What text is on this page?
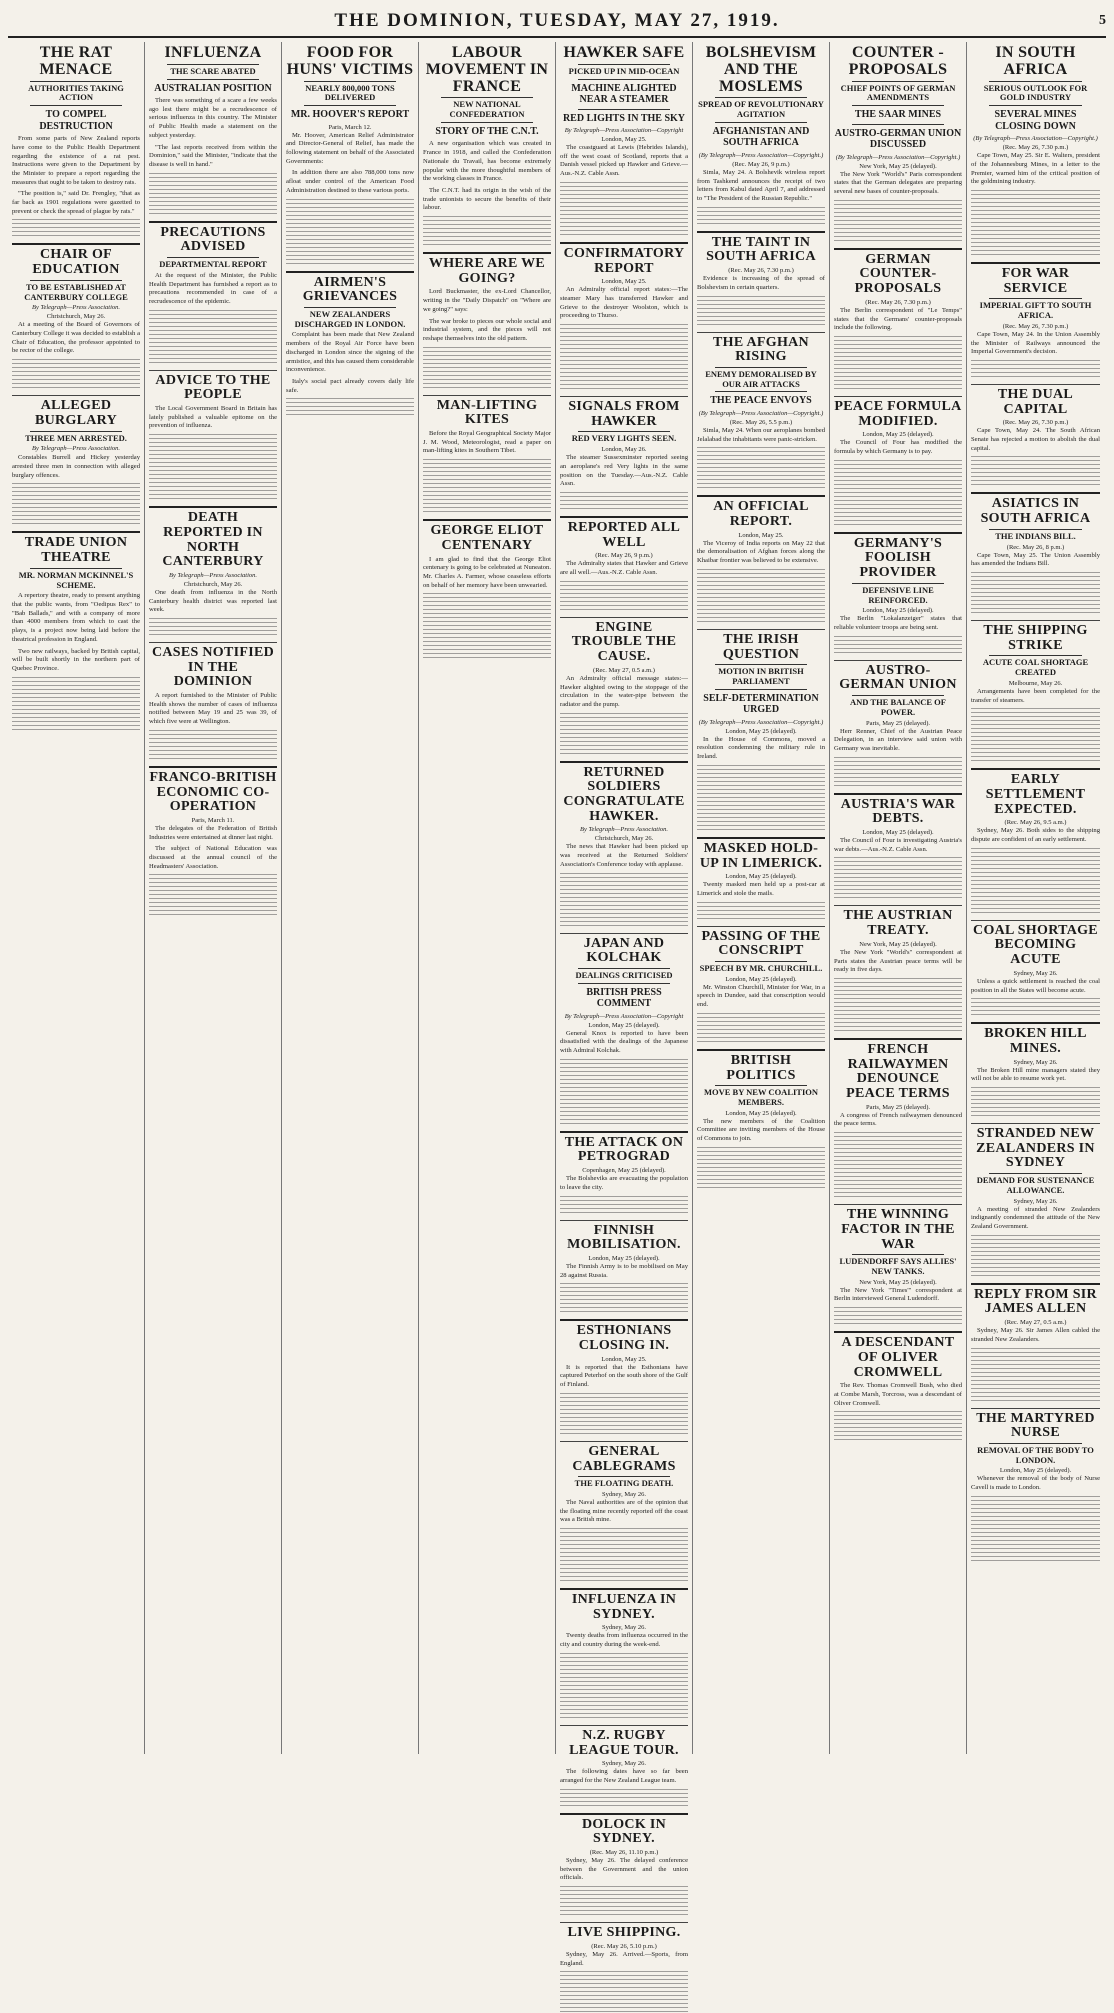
THE DOMINION, TUESDAY, MAY 27, 1919.	5
THE RAT MENACE
AUTHORITIES TAKING ACTION
TO COMPEL DESTRUCTION

From some parts of New Zealand reports have come to the Public Health Department regarding the existence of a rat pest. Instructions were given to the Department by the Minister to prepare a report regarding the measures that ought to be taken to destroy rats.

"The position is," said Dr. Frengley, "that as far back as 1901 regulations were gazetted to prevent or check the spread of plague by rats."

CHAIR OF EDUCATION
TO BE ESTABLISHED AT CANTERBURY COLLEGE
By Telegraph—Press Association.
Christchurch, May 26.

At a meeting of the Board of Governors of Canterbury College it was decided to establish a Chair of Education, the professor appointed to be rector of the college.

ALLEGED BURGLARY
THREE MEN ARRESTED.
By Telegraph—Press Association.

Constables Burrell and Hickey yesterday arrested three men in connection with alleged burglary offences.

TRADE UNION THEATRE
MR. NORMAN MCKINNEL'S SCHEME.

A repertory theatre, ready to present anything that the public wants, from "Oedipus Rex" to "Bab Ballads," and with a company of more than 4000 members from which to cast the plays, is a project now being laid before the theatrical profession in England.

Two new railways, backed by British capital, will be built shortly in the northern part of Quebec Province.

INFLUENZA
THE SCARE ABATED
AUSTRALIAN POSITION

There was something of a scare a few weeks ago lest there might be a recrudescence of serious influenza in this country. The Minister of Public Health made a statement on the subject yesterday.

"The last reports received from within the Dominion," said the Minister, "indicate that the disease is well in hand."

PRECAUTIONS ADVISED
DEPARTMENTAL REPORT

At the request of the Minister, the Public Health Department has furnished a report as to precautions recommended in case of a recrudescence of the epidemic.

ADVICE TO THE PEOPLE

The Local Government Board in Britain has lately published a valuable epitome on the prevention of influenza.

DEATH REPORTED IN NORTH CANTERBURY
By Telegraph—Press Association.
Christchurch, May 26.

One death from influenza in the North Canterbury health district was reported last week.

CASES NOTIFIED IN THE DOMINION

A report furnished to the Minister of Public Health shows the number of cases of influenza notified between May 19 and 25 was 39, of which five were at Wellington.

FRANCO-BRITISH ECONOMIC CO-OPERATION
Paris, March 11.

The delegates of the Federation of British Industries were entertained at dinner last night.

The subject of National Education was discussed at the annual council of the Headmasters' Association.

FOOD FOR HUNS' VICTIMS
NEARLY 800,000 TONS DELIVERED
MR. HOOVER'S REPORT
Paris, March 12.

Mr. Hoover, American Relief Administrator and Director-General of Relief, has made the following statement on behalf of the Associated Governments:

In addition there are also 788,000 tons now afloat under control of the American Food Administration destined to these various ports.

AIRMEN'S GRIEVANCES
NEW ZEALANDERS DISCHARGED IN LONDON.

Complaint has been made that New Zealand members of the Royal Air Force have been discharged in London since the signing of the armistice, and this has caused them considerable inconvenience.

Italy's social pact already covers daily life safe.

LABOUR MOVEMENT IN FRANCE
NEW NATIONAL CONFEDERATION
STORY OF THE C.N.T.

A new organisation which was created in France in 1918, and called the Confederation Nationale du Travail, has become extremely popular with the more thoughtful members of the working classes in France.

The C.N.T. had its origin in the wish of the trade unionists to secure the benefits of their labour.

WHERE ARE WE GOING?

Lord Buckmaster, the ex-Lord Chancellor, writing in the "Daily Dispatch" on "Where are we going?" says:

The war broke to pieces our whole social and industrial system, and the pieces will not reshape themselves into the old pattern.

MAN-LIFTING KITES

Before the Royal Geographical Society Major J. M. Wood, Meteorologist, read a paper on man-lifting kites in Southern Tibet.

GEORGE ELIOT CENTENARY

I am glad to find that the George Eliot centenary is going to be celebrated at Nuneaton. Mr. Charles A. Farmer, whose ceaseless efforts on behalf of her memory have been unwearied.

HAWKER SAFE
PICKED UP IN MID-OCEAN
MACHINE ALIGHTED NEAR A STEAMER
RED LIGHTS IN THE SKY
By Telegraph—Press Association—Copyright
London, May 25.

The coastguard at Lewis (Hebrides Islands), off the west coast of Scotland, reports that a Danish vessel picked up Hawker and Grieve.—Aus.-N.Z. Cable Assn.

CONFIRMATORY REPORT
London, May 25.

An Admiralty official report states:—The steamer Mary has transferred Hawker and Grieve to the destroyer Woolston, which is proceeding to Thurso.

SIGNALS FROM HAWKER
RED VERY LIGHTS SEEN.
London, May 26.

The steamer Sussexminster reported seeing an aeroplane's red Very lights in the same position on the Tuesday.—Aus.-N.Z. Cable Assn.

REPORTED ALL WELL
(Rec. May 26, 9 p.m.)

The Admiralty states that Hawker and Grieve are all well.—Aus.-N.Z. Cable Assn.

ENGINE TROUBLE THE CAUSE.
(Rec. May 27, 0.5 a.m.)

An Admiralty official message states:—Hawker alighted owing to the stoppage of the circulation in the water-pipe between the radiator and the pump.

RETURNED SOLDIERS CONGRATULATE HAWKER.
By Telegraph—Press Association.
Christchurch, May 26.

The news that Hawker had been picked up was received at the Returned Soldiers' Association's Conference today with applause.

JAPAN AND KOLCHAK
DEALINGS CRITICISED
BRITISH PRESS COMMENT
By Telegraph—Press Association—Copyright
London, May 25 (delayed).

General Knox is reported to have been dissatisfied with the dealings of the Japanese with Admiral Kolchak.

THE ATTACK ON PETROGRAD
Copenhagen, May 25 (delayed).

The Bolsheviks are evacuating the population to leave the city.

FINNISH MOBILISATION.
London, May 25 (delayed).

The Finnish Army is to be mobilised on May 28 against Russia.

ESTHONIANS CLOSING IN.
London, May 25.

It is reported that the Esthonians have captured Peterhof on the south shore of the Gulf of Finland.

GENERAL CABLEGRAMS
THE FLOATING DEATH.
Sydney, May 26.

The Naval authorities are of the opinion that the floating mine recently reported off the coast was a British mine.

INFLUENZA IN SYDNEY.
Sydney, May 26.

Twenty deaths from influenza occurred in the city and country during the week-end.

N.Z. RUGBY LEAGUE TOUR.
Sydney, May 26.

The following dates have so far been arranged for the New Zealand League team.

DOLOCK IN SYDNEY.
(Rec. May 26, 11.10 p.m.)

Sydney, May 26. The delayed conference between the Government and the union officials.

LIVE SHIPPING.
(Rec. May 26, 5.10 p.m.)

Sydney, May 26. Arrived.—Sports, from England.

BOLSHEVISM AND THE MOSLEMS
SPREAD OF REVOLUTIONARY AGITATION
AFGHANISTAN AND SOUTH AFRICA
(By Telegraph—Press Association—Copyright.)
(Rec. May 26, 9 p.m.)

Simla, May 24. A Bolshevik wireless report from Tashkend announces the receipt of two letters from Kabul dated April 7, and addressed to "The President of the Russian Republic."

THE TAINT IN SOUTH AFRICA
(Rec. May 26, 7.30 p.m.)

Evidence is increasing of the spread of Bolshevism in certain quarters.

THE AFGHAN RISING
ENEMY DEMORALISED BY OUR AIR ATTACKS
THE PEACE ENVOYS
(By Telegraph—Press Association—Copyright.)
(Rec. May 26, 5.5 p.m.)

Simla, May 24. When our aeroplanes bombed Jelalabad the inhabitants were panic-stricken.

AN OFFICIAL REPORT.
London, May 25.

The Viceroy of India reports on May 22 that the demoralisation of Afghan forces along the Khaibar frontier was believed to be extensive.

THE IRISH QUESTION
MOTION IN BRITISH PARLIAMENT
SELF-DETERMINATION URGED
(By Telegraph—Press Association—Copyright.)
London, May 25 (delayed).

In the House of Commons, moved a resolution condemning the military rule in Ireland.

MASKED HOLD-UP IN LIMERICK.
London, May 25 (delayed).

Twenty masked men held up a post-car at Limerick and stole the mails.

PASSING OF THE CONSCRIPT
SPEECH BY MR. CHURCHILL.
London, May 25 (delayed).

Mr. Winston Churchill, Minister for War, in a speech in Dundee, said that conscription would end.

BRITISH POLITICS
MOVE BY NEW COALITION MEMBERS.
London, May 25 (delayed).

The new members of the Coalition Committee are inviting members of the House of Commons to join.

COUNTER - PROPOSALS
CHIEF POINTS OF GERMAN AMENDMENTS
THE SAAR MINES
AUSTRO-GERMAN UNION DISCUSSED
(By Telegraph—Press Association—Copyright.)
New York, May 25 (delayed).

The New York "World's" Paris correspondent states that the German delegates are preparing several new bases of counter-proposals.

GERMAN COUNTER-PROPOSALS
(Rec. May 26, 7.30 p.m.)

The Berlin correspondent of "Le Temps" states that the Germans' counter-proposals include the following.

PEACE FORMULA MODIFIED.
London, May 25 (delayed).

The Council of Four has modified the formula by which Germany is to pay.

GERMANY'S FOOLISH PROVIDER
DEFENSIVE LINE REINFORCED.
London, May 25 (delayed).

The Berlin "Lokalanzeiger" states that reliable volunteer troops are being sent.

AUSTRO-GERMAN UNION
AND THE BALANCE OF POWER.
Paris, May 25 (delayed).

Herr Renner, Chief of the Austrian Peace Delegation, in an interview said union with Germany was inevitable.

AUSTRIA'S WAR DEBTS.
London, May 25 (delayed).

The Council of Four is investigating Austria's war debts.—Aus.-N.Z. Cable Assn.

THE AUSTRIAN TREATY.
New York, May 25 (delayed).

The New York "World's" correspondent at Paris states the Austrian peace terms will be ready in five days.

FRENCH RAILWAYMEN DENOUNCE PEACE TERMS
Paris, May 25 (delayed).

A congress of French railwaymen denounced the peace terms.

THE WINNING FACTOR IN THE WAR
LUDENDORFF SAYS ALLIES' NEW TANKS.
New York, May 25 (delayed).

The New York "Times'" correspondent at Berlin interviewed General Ludendorff.

A DESCENDANT OF OLIVER CROMWELL

The Rev. Thomas Cromwell Bush, who died at Combe Marsh, Torcross, was a descendant of Oliver Cromwell.

IN SOUTH AFRICA
SERIOUS OUTLOOK FOR GOLD INDUSTRY
SEVERAL MINES CLOSING DOWN
(By Telegraph—Press Association—Copyright.)
(Rec. May 26, 7.30 p.m.)

Cape Town, May 25. Sir E. Walters, president of the Johannesburg Mines, in a letter to the Premier, warned him of the critical position of the goldmining industry.

FOR WAR SERVICE
IMPERIAL GIFT TO SOUTH AFRICA.
(Rec. May 26, 7.30 p.m.)

Cape Town, May 24. In the Union Assembly the Minister of Railways announced the Imperial Government's decision.

THE DUAL CAPITAL
(Rec. May 26, 7.30 p.m.)

Cape Town, May 24. The South African Senate has rejected a motion to abolish the dual capital.

ASIATICS IN SOUTH AFRICA
THE INDIANS BILL.
(Rec. May 26, 8 p.m.)

Cape Town, May 25. The Union Assembly has amended the Indians Bill.

THE SHIPPING STRIKE
ACUTE COAL SHORTAGE CREATED
Melbourne, May 26.

Arrangements have been completed for the transfer of steamers.

EARLY SETTLEMENT EXPECTED.
(Rec. May 26, 9.5 a.m.)

Sydney, May 26. Both sides to the shipping dispute are confident of an early settlement.

COAL SHORTAGE BECOMING ACUTE
Sydney, May 26.

Unless a quick settlement is reached the coal position in all the States will become acute.

BROKEN HILL MINES.
Sydney, May 26.

The Broken Hill mine managers stated they will not be able to resume work yet.

STRANDED NEW ZEALANDERS IN SYDNEY
DEMAND FOR SUSTENANCE ALLOWANCE.
Sydney, May 26.

A meeting of stranded New Zealanders indignantly condemned the attitude of the New Zealand Government.

REPLY FROM SIR JAMES ALLEN
(Rec. May 27, 0.5 a.m.)

Sydney, May 26. Sir James Allen cabled the stranded New Zealanders.

THE MARTYRED NURSE
REMOVAL OF THE BODY TO LONDON.
London, May 25 (delayed).

Whenever the removal of the body of Nurse Cavell is made to London.
